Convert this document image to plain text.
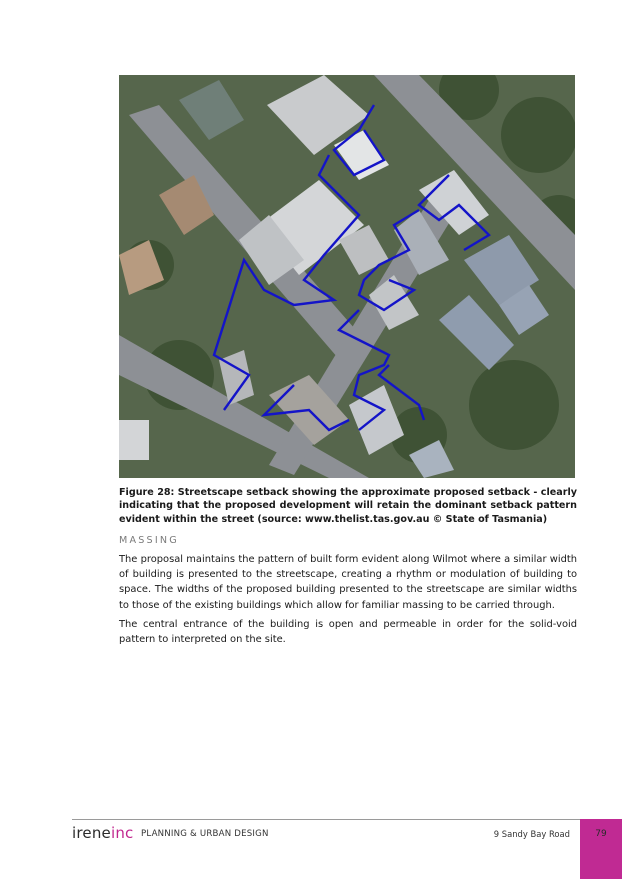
Figure 28: Streetscape setback showing the approximate proposed setback - clearly indicating that the proposed development will retain the dominant setback pattern evident within the street (source: www.thelist.tas.gov.au © State of Tasmania)
MASSING

The proposal maintains the pattern of built form evident along Wilmot where a similar width of building is presented to the streetscape, creating a rhythm or modulation of building to space. The widths of the proposed building presented to the streetscape are similar widths to those of the existing buildings which allow for familiar massing to be carried through.

The central entrance of the building is open and permeable in order for the solid-void pattern to interpreted on the site.

ireneinc PLANNING & URBAN DESIGN	9 Sandy Bay Road	79
